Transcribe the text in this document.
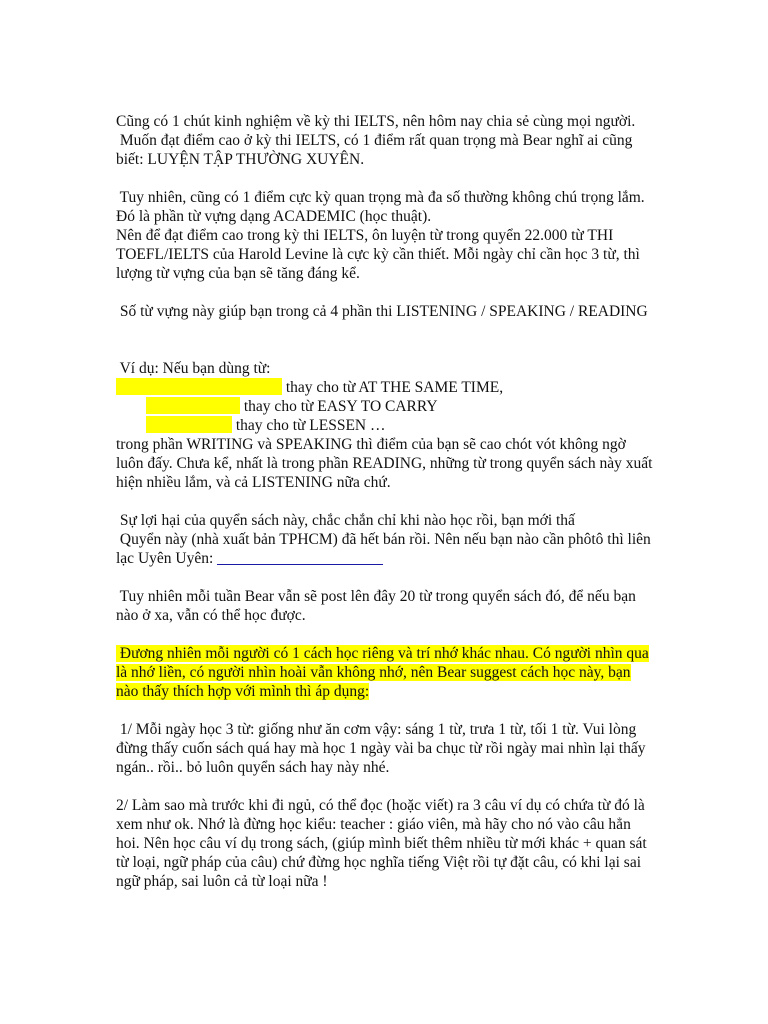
Cũng có 1 chút kinh nghiệm về kỳ thi IELTS, nên hôm nay chia sẻ cùng mọi người.
Muốn đạt điểm cao ở kỳ thi IELTS, có 1 điểm rất quan trọng mà Bear nghĩ ai cũng
biết: LUYỆN TẬP THƯỜNG XUYÊN.
Tuy nhiên, cũng có 1 điểm cực kỳ quan trọng mà đa số thường không chú trọng lắm.
Đó là phần từ vựng dạng ACADEMIC (học thuật).
Nên để đạt điểm cao trong kỳ thi IELTS, ôn luyện từ trong quyển 22.000 từ THI
TOEFL/IELTS của Harold Levine là cực kỳ cần thiết. Mỗi ngày chỉ cần học 3 từ, thì
lượng từ vựng của bạn sẽ tăng đáng kể.
Số từ vựng này giúp bạn trong cả 4 phần thi LISTENING / SPEAKING / READING
Ví dụ: Nếu bạn dùng từ:
thay cho từ AT THE SAME TIME,
thay cho từ EASY TO CARRY
thay cho từ LESSEN …
trong phần WRITING và SPEAKING thì điểm của bạn sẽ cao chót vót không ngờ
luôn đấy. Chưa kể, nhất là trong phần READING, những từ trong quyển sách này xuất
hiện nhiều lắm, và cả LISTENING nữa chứ.
Sự lợi hại của quyển sách này, chắc chắn chỉ khi nào học rồi, bạn mới thấ
Quyển này (nhà xuất bản TPHCM) đã hết bán rồi. Nên nếu bạn nào cần phôtô thì liên
lạc Uyên Uyên:
Tuy nhiên mỗi tuần Bear vẫn sẽ post lên đây 20 từ trong quyển sách đó, để nếu bạn
nào ở xa, vẫn có thể học được.
Đương nhiên mỗi người có 1 cách học riêng và trí nhớ khác nhau. Có người nhìn qua
là nhớ liền, có người nhìn hoài vẫn không nhớ, nên Bear suggest cách học này, bạn
nào thấy thích hợp với mình thì áp dụng:
1/ Mỗi ngày học 3 từ: giống như ăn cơm vậy: sáng 1 từ, trưa 1 từ, tối 1 từ. Vui lòng
đừng thấy cuốn sách quá hay mà học 1 ngày vài ba chục từ rồi ngày mai nhìn lại thấy
ngán.. rồi.. bỏ luôn quyển sách hay này nhé.
2/ Làm sao mà trước khi đi ngủ, có thể đọc (hoặc viết) ra 3 câu ví dụ có chứa từ đó là
xem như ok. Nhớ là đừng học kiểu: teacher : giáo viên, mà hãy cho nó vào câu hẳn
hoi. Nên học câu ví dụ trong sách, (giúp mình biết thêm nhiều từ mới khác + quan sát
từ loại, ngữ pháp của câu) chứ đừng học nghĩa tiếng Việt rồi tự đặt câu, có khi lại sai
ngữ pháp, sai luôn cả từ loại nữa !
